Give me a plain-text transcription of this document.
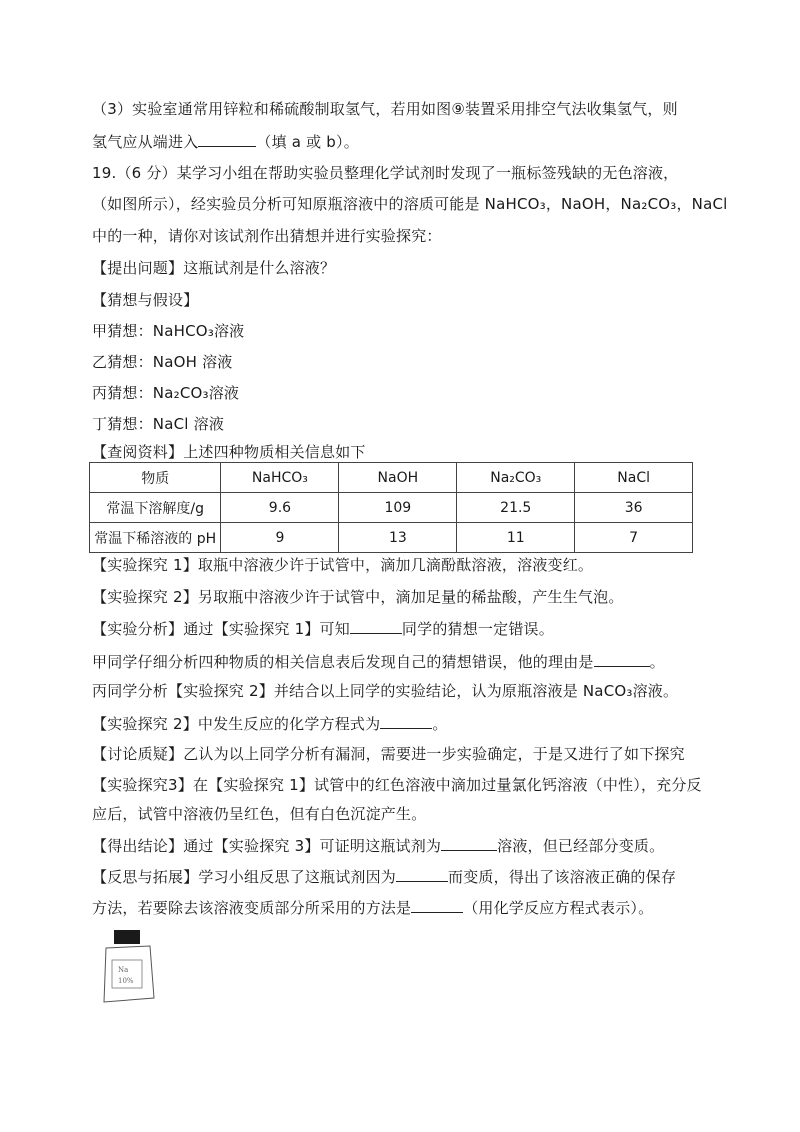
（3）实验室通常用锌粒和稀硫酸制取氢气，若用如图⑨装置采用排空气法收集氢气，则
氢气应从端进入	（填 a 或 b）。
19.（6 分）某学习小组在帮助实验员整理化学试剂时发现了一瓶标签残缺的无色溶液，
（如图所示），经实验员分析可知原瓶溶液中的溶质可能是 NaHCO₃，NaOH，Na₂CO₃，NaCl
中的一种，请你对该试剂作出猜想并进行实验探究：
【提出问题】这瓶试剂是什么溶液？
【猜想与假设】
甲猜想：NaHCO₃溶液
乙猜想：NaOH 溶液
丙猜想：Na₂CO₃溶液
丁猜想：NaCl 溶液
【查阅资料】上述四种物质相关信息如下
物质	NaHCO₃	NaOH	Na₂CO₃	NaCl
常温下溶解度/g	9.6	109	21.5	36
常温下稀溶液的 pH	9	13	11	7
【实验探究 1】取瓶中溶液少许于试管中，滴加几滴酚酞溶液，溶液变红。
【实验探究 2】另取瓶中溶液少许于试管中，滴加足量的稀盐酸，产生生气泡。
【实验分析】通过【实验探究 1】可知	同学的猜想一定错误。
甲同学仔细分析四种物质的相关信息表后发现自己的猜想错误，他的理由是	。
丙同学分析【实验探究 2】并结合以上同学的实验结论，认为原瓶溶液是 NaCO₃溶液。
【实验探究 2】中发生反应的化学方程式为	。
【讨论质疑】乙认为以上同学分析有漏洞，需要进一步实验确定，于是又进行了如下探究
【实验探究3】在【实验探究 1】试管中的红色溶液中滴加过量氯化钙溶液（中性），充分反
应后，试管中溶液仍呈红色，但有白色沉淀产生。
【得出结论】通过【实验探究 3】可证明这瓶试剂为	溶液，但已经部分变质。
【反思与拓展】学习小组反思了这瓶试剂因为	而变质，得出了该溶液正确的保存
方法，若要除去该溶液变质部分所采用的方法是	（用化学反应方程式表示）。
Na
10%
